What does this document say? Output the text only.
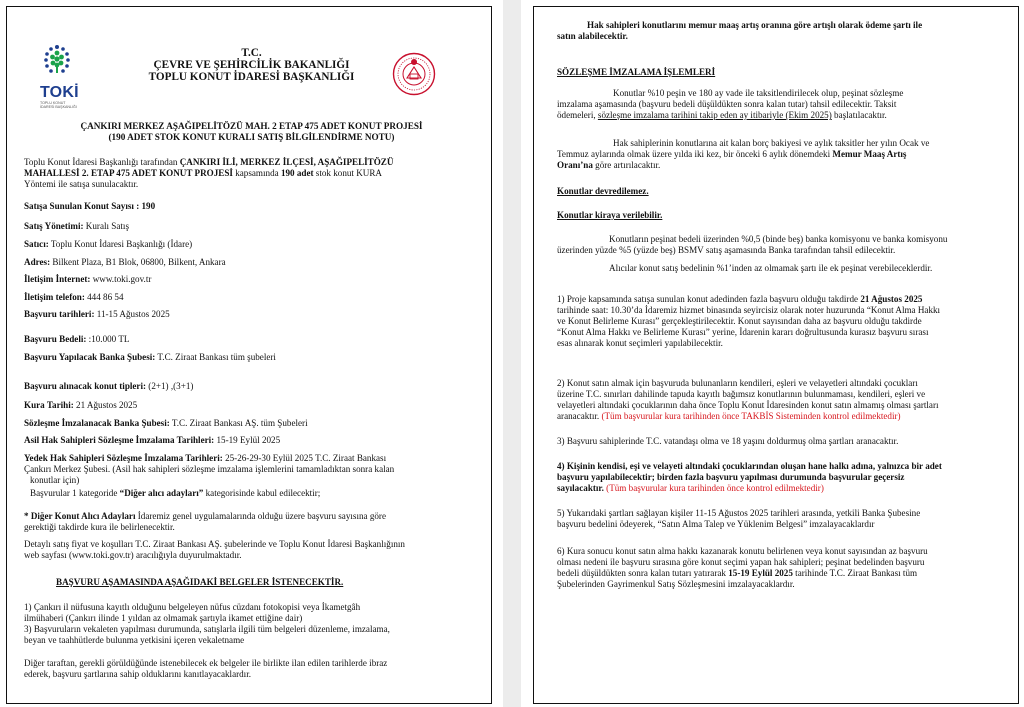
TOKİ
TOPLU KONUT İDARESİ BAŞKANLIĞI
T.C.
ÇEVRE VE ŞEHİRCİLİK BAKANLIĞI
TOPLU KONUT İDARESİ BAŞKANLIĞI
ÇANKIRI MERKEZ AŞAĞIPELİTÖZÜ MAH. 2 ETAP 475 ADET KONUT PROJESİ
(190 ADET STOK KONUT KURALI SATIŞ BİLGİLENDİRME NOTU)
Toplu Konut İdaresi Başkanlığı tarafından ÇANKIRI İLİ, MERKEZ İLÇESİ, AŞAĞIPELİTÖZÜ
MAHALLESİ 2. ETAP 475 ADET KONUT PROJESİ kapsamında 190 adet stok konut KURA
Yöntemi ile satışa sunulacaktır.
Satışa Sunulan Konut Sayısı : 190
Satış Yönetimi: Kuralı Satış
Satıcı: Toplu Konut İdaresi Başkanlığı (İdare)
Adres: Bilkent Plaza, B1 Blok, 06800, Bilkent, Ankara
İletişim İnternet: www.toki.gov.tr
İletişim telefon: 444 86 54
Başvuru tarihleri: 11-15 Ağustos 2025
Başvuru Bedeli: :10.000 TL
Başvuru Yapılacak Banka Şubesi: T.C. Ziraat Bankası tüm şubeleri
Başvuru alınacak konut tipleri: (2+1) ,(3+1)
Kura Tarihi: 21 Ağustos 2025
Sözleşme İmzalanacak Banka Şubesi: T.C. Ziraat Bankası AŞ. tüm Şubeleri
Asil Hak Sahipleri Sözleşme İmzalama Tarihleri: 15-19 Eylül 2025
Yedek Hak Sahipleri Sözleşme İmzalama Tarihleri: 25-26-29-30 Eylül 2025 T.C. Ziraat Bankası
Çankırı Merkez Şubesi. (Asil hak sahipleri sözleşme imzalama işlemlerini tamamladıktan sonra kalan
konutlar için)
Başvurular 1 kategoride “Diğer alıcı adayları” kategorisinde kabul edilecektir;
* Diğer Konut Alıcı Adayları İdaremiz genel uygulamalarında olduğu üzere başvuru sayısına göre
gerektiği takdirde kura ile belirlenecektir.
Detaylı satış fiyat ve koşulları T.C. Ziraat Bankası AŞ. şubelerinde ve Toplu Konut İdaresi Başkanlığının
web sayfası (www.toki.gov.tr) aracılığıyla duyurulmaktadır.
BAŞVURU AŞAMASINDA AŞAĞIDAKİ BELGELER İSTENECEKTİR.
1) Çankırı il nüfusuna kayıtlı olduğunu belgeleyen nüfus cüzdanı fotokopisi veya İkametgâh
ilmühaberi (Çankırı ilinde 1 yıldan az olmamak şartıyla ikamet ettiğine dair)
3) Başvuruların vekaleten yapılması durumunda, satışlarla ilgili tüm belgeleri düzenleme, imzalama,
beyan ve taahhütlerde bulunma yetkisini içeren vekaletname
Diğer taraftan, gerekli görüldüğünde istenebilecek ek belgeler ile birlikte ilan edilen tarihlerde ibraz
ederek, başvuru şartlarına sahip olduklarını kanıtlayacaklardır.
Hak sahipleri konutlarını memur maaş artış oranına göre artışlı olarak ödeme şartı ile
satın alabilecektir.
SÖZLEŞME İMZALAMA İŞLEMLERİ
Konutlar %10 peşin ve 180 ay vade ile taksitlendirilecek olup, peşinat sözleşme
imzalama aşamasında (başvuru bedeli düşüldükten sonra kalan tutar) tahsil edilecektir. Taksit
ödemeleri, sözleşme imzalama tarihini takip eden ay itibariyle (Ekim 2025) başlatılacaktır.
Hak sahiplerinin konutlarına ait kalan borç bakiyesi ve aylık taksitler her yılın Ocak ve
Temmuz aylarında olmak üzere yılda iki kez, bir önceki 6 aylık dönemdeki Memur Maaş Artış
Oranı’na göre artırılacaktır.
Konutlar devredilemez.
Konutlar kiraya verilebilir.
Konutların peşinat bedeli üzerinden %0,5 (binde beş) banka komisyonu ve banka komisyonu
üzerinden yüzde %5 (yüzde beş) BSMV satış aşamasında Banka tarafından tahsil edilecektir.
Alıcılar konut satış bedelinin %1’inden az olmamak şartı ile ek peşinat verebileceklerdir.
1) Proje kapsamında satışa sunulan konut adedinden fazla başvuru olduğu takdirde 21 Ağustos 2025
tarihinde saat: 10.30’da İdaremiz hizmet binasında seyircisiz olarak noter huzurunda “Konut Alma Hakkı
ve Konut Belirleme Kurası” gerçekleştirilecektir. Konut sayısından daha az başvuru olduğu takdirde
“Konut Alma Hakkı ve Belirleme Kurası” yerine, İdarenin kararı doğrultusunda kurasız başvuru sırası
esas alınarak konut seçimleri yapılabilecektir.
2) Konut satın almak için başvuruda bulunanların kendileri, eşleri ve velayetleri altındaki çocukları
üzerine T.C. sınırları dahilinde tapuda kayıtlı bağımsız konutlarının bulunmaması, kendileri, eşleri ve
velayetleri altındaki çocuklarının daha önce Toplu Konut İdaresinden konut satın almamış olması şartları
aranacaktır. (Tüm başvurular kura tarihinden önce TAKBİS Sisteminden kontrol edilmektedir)
3) Başvuru sahiplerinde T.C. vatandaşı olma ve 18 yaşını doldurmuş olma şartları aranacaktır.
4) Kişinin kendisi, eşi ve velayeti altındaki çocuklarından oluşan hane halkı adına, yalnızca bir adet
başvuru yapılabilecektir; birden fazla başvuru yapılması durumunda başvurular geçersiz
sayılacaktır. (Tüm başvurular kura tarihinden önce kontrol edilmektedir)
5) Yukarıdaki şartları sağlayan kişiler 11-15 Ağustos 2025 tarihleri arasında, yetkili Banka Şubesine
başvuru bedelini ödeyerek, “Satın Alma Talep ve Yüklenim Belgesi” imzalayacaklardır
6) Kura sonucu konut satın alma hakkı kazanarak konutu belirlenen veya konut sayısından az başvuru
olması nedeni ile başvuru sırasına göre konut seçimi yapan hak sahipleri; peşinat bedelinden başvuru
bedeli düşüldükten sonra kalan tutarı yatırarak 15-19 Eylül 2025 tarihinde T.C. Ziraat Bankası tüm
Şubelerinden Gayrimenkul Satış Sözleşmesini imzalayacaklardır.
